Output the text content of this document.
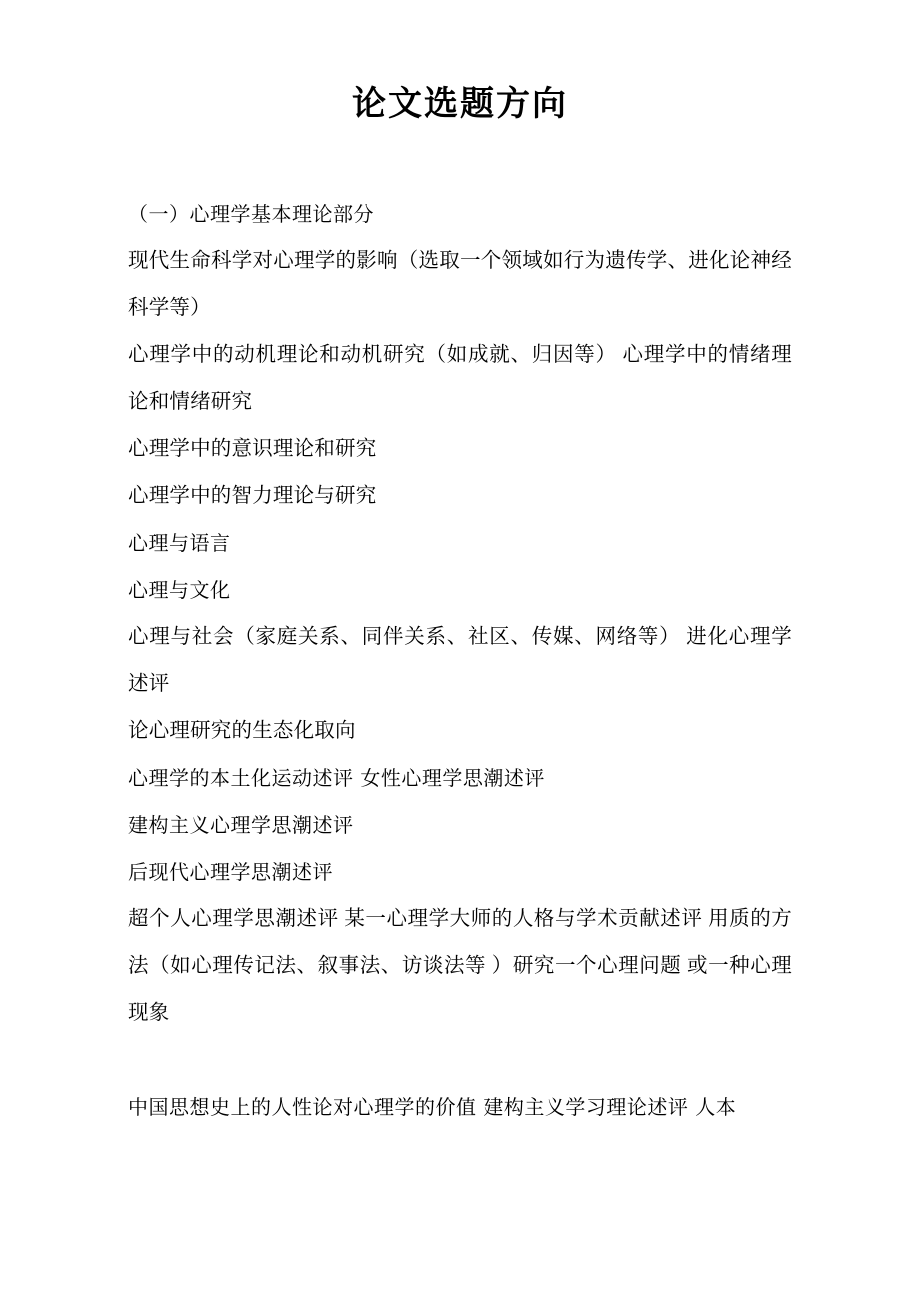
论文选题方向

（一）心理学基本理论部分

现代生命科学对心理学的影响（选取一个领域如行为遗传学、进化论神经科学等）

心理学中的动机理论和动机研究（如成就、归因等） 心理学中的情绪理论和情绪研究

心理学中的意识理论和研究

心理学中的智力理论与研究

心理与语言

心理与文化

心理与社会（家庭关系、同伴关系、社区、传媒、网络等） 进化心理学述评

论心理研究的生态化取向

心理学的本土化运动述评 女性心理学思潮述评

建构主义心理学思潮述评

后现代心理学思潮述评

超个人心理学思潮述评 某一心理学大师的人格与学术贡献述评 用质的方法（如心理传记法、叙事法、访谈法等 ）研究一个心理问题 或一种心理现象

中国思想史上的人性论对心理学的价值 建构主义学习理论述评 人本
